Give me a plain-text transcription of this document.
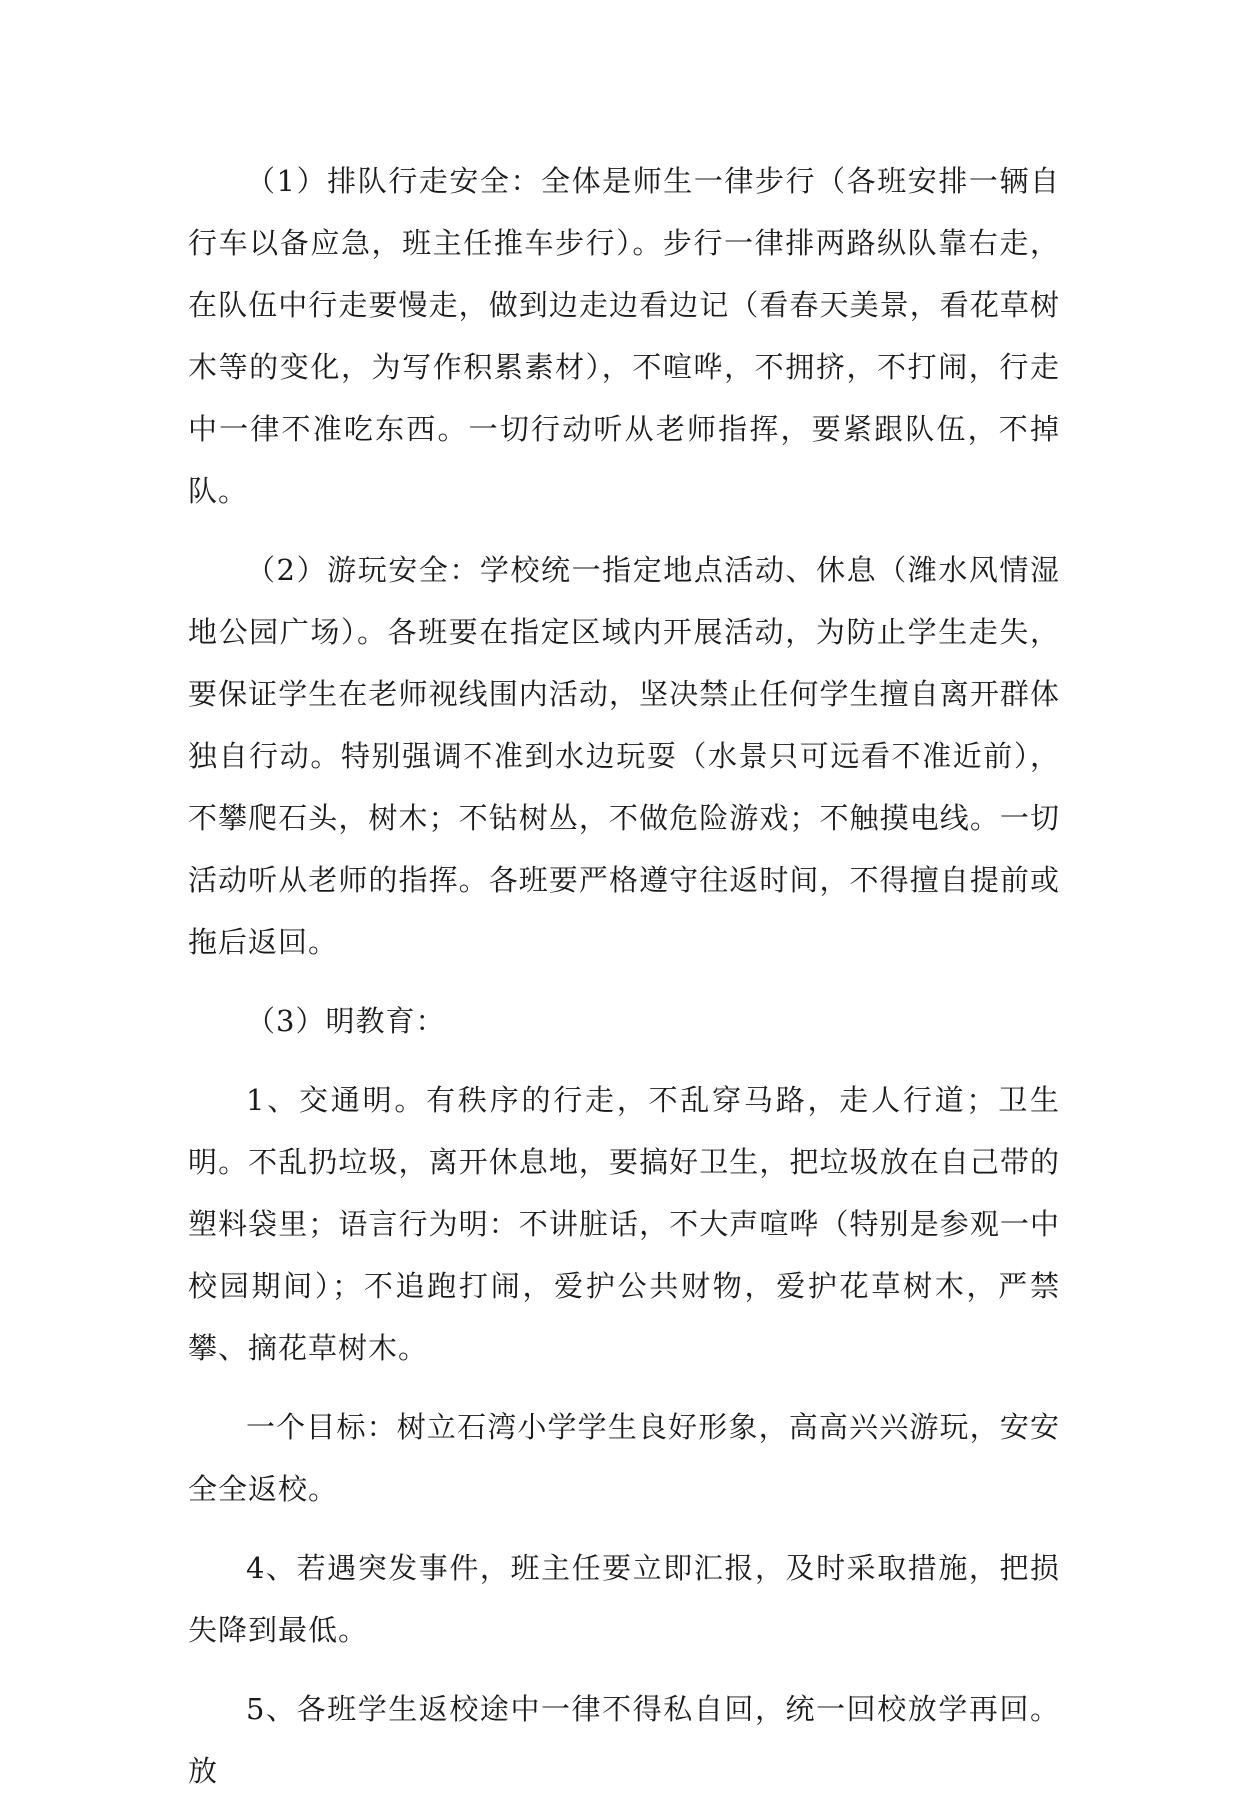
（1）排队行走安全：全体是师生一律步行（各班安排一辆自行车以备应急，班主任推车步行）。步行一律排两路纵队靠右走，在队伍中行走要慢走，做到边走边看边记（看春天美景，看花草树木等的变化，为写作积累素材），不喧哗，不拥挤，不打闹，行走中一律不准吃东西。一切行动听从老师指挥，要紧跟队伍，不掉队。

（2）游玩安全：学校统一指定地点活动、休息（潍水风情湿地公园广场）。各班要在指定区域内开展活动，为防止学生走失，要保证学生在老师视线围内活动，坚决禁止任何学生擅自离开群体独自行动。特别强调不准到水边玩耍（水景只可远看不准近前），不攀爬石头，树木；不钻树丛，不做危险游戏；不触摸电线。一切活动听从老师的指挥。各班要严格遵守往返时间，不得擅自提前或拖后返回。

（3）明教育：

1、交通明。有秩序的行走，不乱穿马路，走人行道；卫生明。不乱扔垃圾，离开休息地，要搞好卫生，把垃圾放在自己带的塑料袋里；语言行为明：不讲脏话，不大声喧哗（特别是参观一中校园期间）；不追跑打闹，爱护公共财物，爱护花草树木，严禁攀、摘花草树木。

一个目标：树立石湾小学学生良好形象，高高兴兴游玩，安安全全返校。

4、若遇突发事件，班主任要立即汇报，及时采取措施，把损失降到最低。

5、各班学生返校途中一律不得私自回，统一回校放学再回。放
